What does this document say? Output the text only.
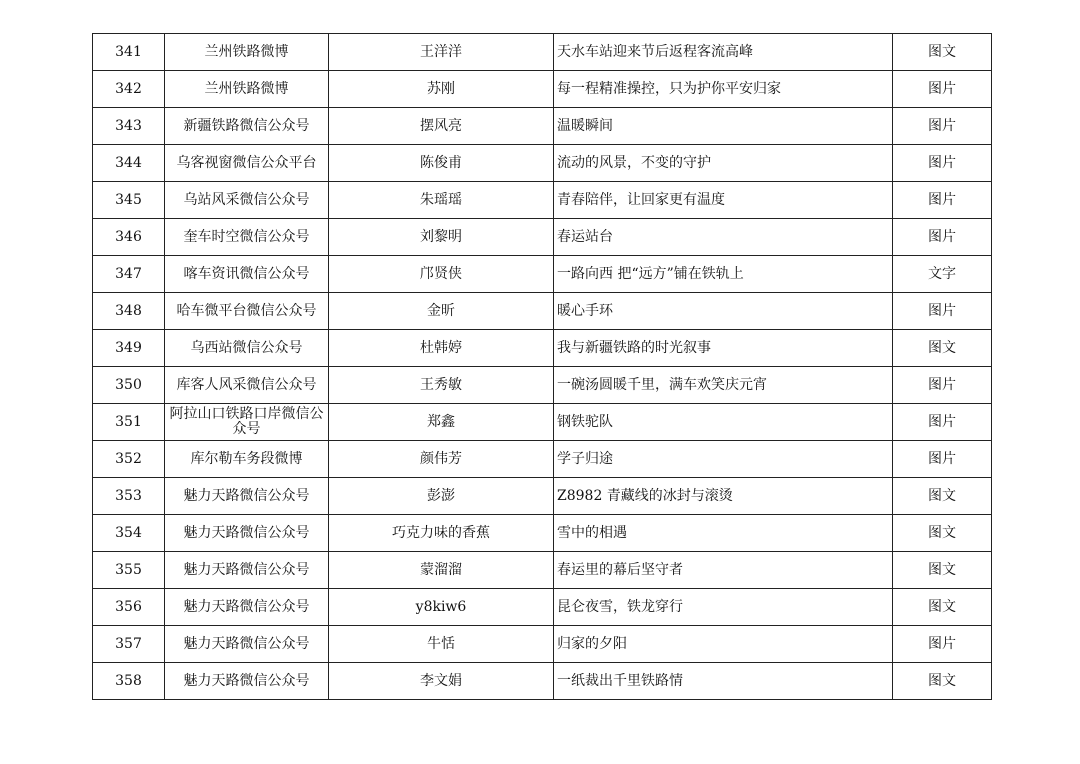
341	兰州铁路微博	王洋洋	天水车站迎来节后返程客流高峰	图文
342	兰州铁路微博	苏刚	每一程精准操控，只为护你平安归家	图片
343	新疆铁路微信公众号	摆风亮	温暖瞬间	图片
344	乌客视窗微信公众平台	陈俊甫	流动的风景，不变的守护	图片
345	乌站风采微信公众号	朱瑶瑶	青春陪伴，让回家更有温度	图片
346	奎车时空微信公众号	刘黎明	春运站台	图片
347	喀车资讯微信公众号	邝贤侠	一路向西 把“远方”铺在铁轨上	文字
348	哈车微平台微信公众号	金昕	暖心手环	图片
349	乌西站微信公众号	杜韩婷	我与新疆铁路的时光叙事	图文
350	库客人风采微信公众号	王秀敏	一碗汤圆暖千里，满车欢笑庆元宵	图片
351	阿拉山口铁路口岸微信公众号	郑鑫	钢铁驼队	图片
352	库尔勒车务段微博	颜伟芳	学子归途	图片
353	魅力天路微信公众号	彭澎	Z8982 青藏线的冰封与滚烫	图文
354	魅力天路微信公众号	巧克力味的香蕉	雪中的相遇	图文
355	魅力天路微信公众号	蒙溜溜	春运里的幕后坚守者	图文
356	魅力天路微信公众号	y8kiw6	昆仑夜雪，铁龙穿行	图文
357	魅力天路微信公众号	牛恬	归家的夕阳	图片
358	魅力天路微信公众号	李文娟	一纸裁出千里铁路情	图文
